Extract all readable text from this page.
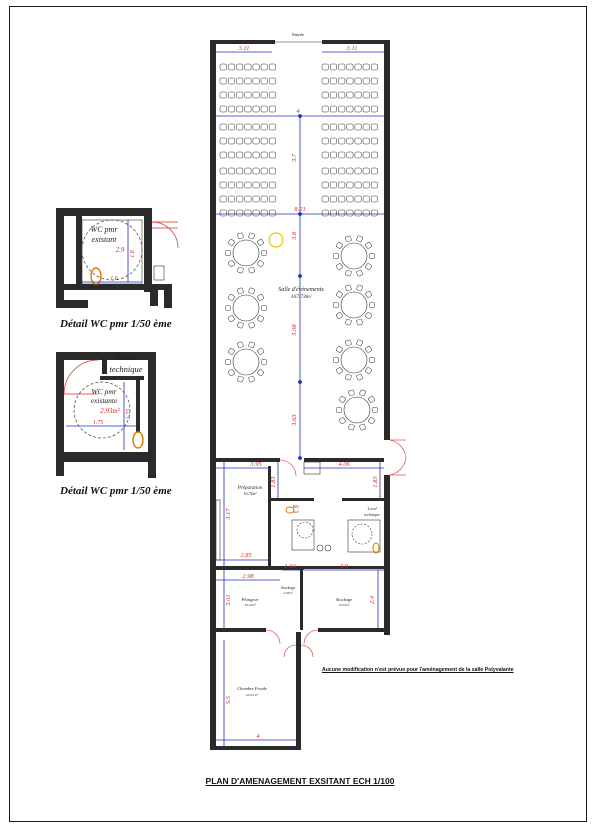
Entrée
3.11	3.11
4
3.7
8.21
3.8
5.08
3.63
3.95	4.06
1.83	1.83
3.17
2.85
2.98
1.04	3.9
3.01	2.4
5.5
4
Salle d'évènements
167.73m²
Préparation
16.74m²
WC
2m²
Local
technique
Plongeur
10.10m²
Stockage
2.03m²
Stockage
15.33m²
Chambre Froide
22.04 m²
WC pmr
existant
2.9
1.6
1.8
Local
technique
WC pmr
existante
2.93m²
1.75
1.75
Détail WC pmr 1/50 ème
Détail WC pmr 1/50 ème
Aucune modification n'est prévue pour l'aménagement de la salle Polyvalante
PLAN D'AMENAGEMENT EXSITANT ECH 1/100
